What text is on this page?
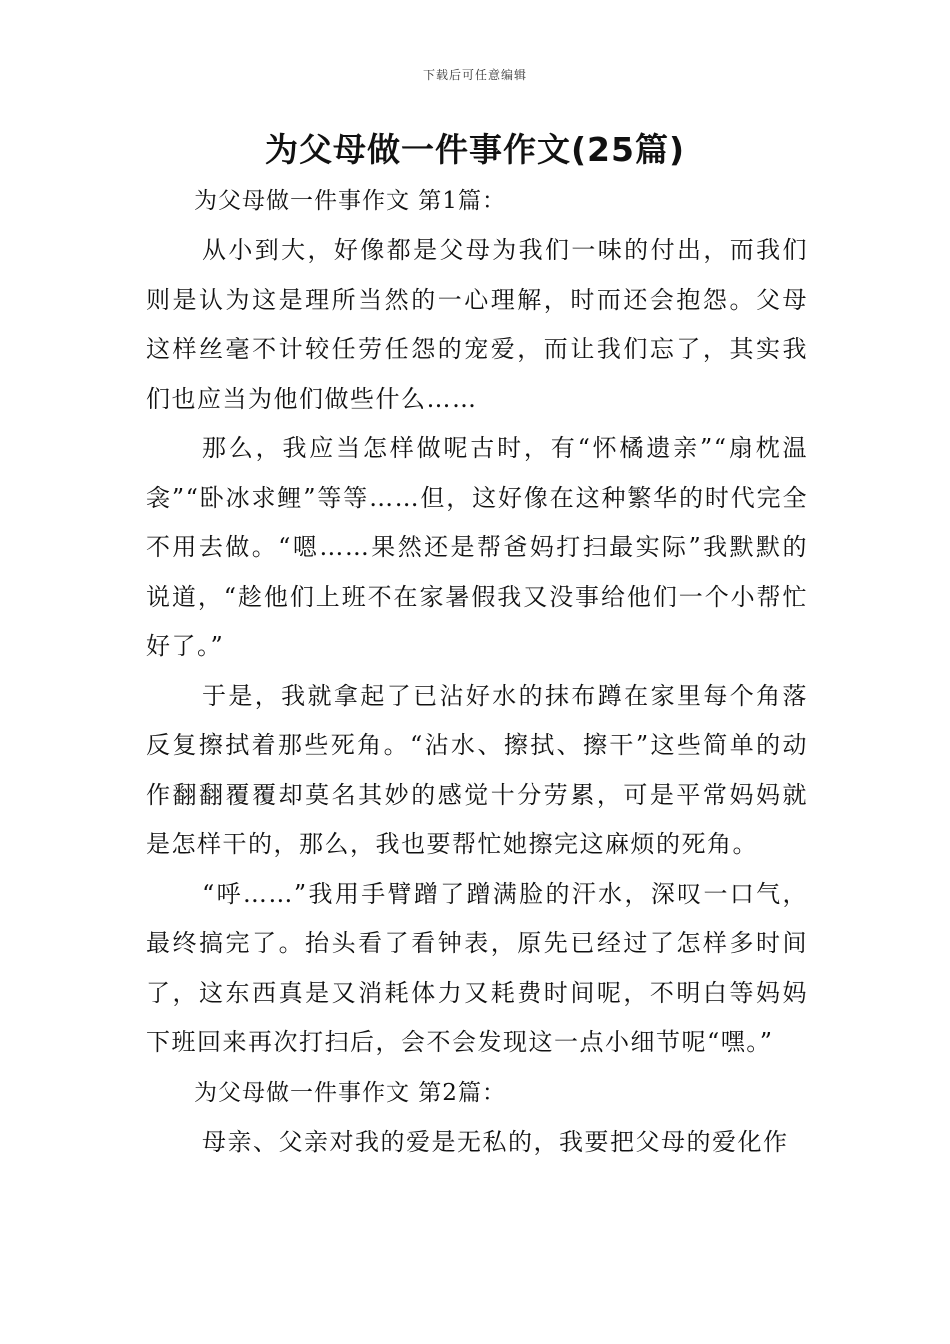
下载后可任意编辑
为父母做一件事作文(25篇)
为父母做一件事作文 第1篇：

从小到大，好像都是父母为我们一味的付出，而我们则是认为这是理所当然的一心理解，时而还会抱怨。父母这样丝毫不计较任劳任怨的宠爱，而让我们忘了，其实我们也应当为他们做些什么……

那么，我应当怎样做呢古时，有“怀橘遗亲”“扇枕温衾”“卧冰求鲤”等等……但，这好像在这种繁华的时代完全不用去做。“嗯……果然还是帮爸妈打扫最实际”我默默的说道，“趁他们上班不在家暑假我又没事给他们一个小帮忙好了。”

于是，我就拿起了已沾好水的抹布蹲在家里每个角落反复擦拭着那些死角。“沾水、擦拭、擦干”这些简单的动作翻翻覆覆却莫名其妙的感觉十分劳累，可是平常妈妈就是怎样干的，那么，我也要帮忙她擦完这麻烦的死角。

“呼……”我用手臂蹭了蹭满脸的汗水，深叹一口气，最终搞完了。抬头看了看钟表，原先已经过了怎样多时间了，这东西真是又消耗体力又耗费时间呢，不明白等妈妈下班回来再次打扫后，会不会发现这一点小细节呢“嘿。”

为父母做一件事作文 第2篇：

母亲、父亲对我的爱是无私的，我要把父母的爱化作
